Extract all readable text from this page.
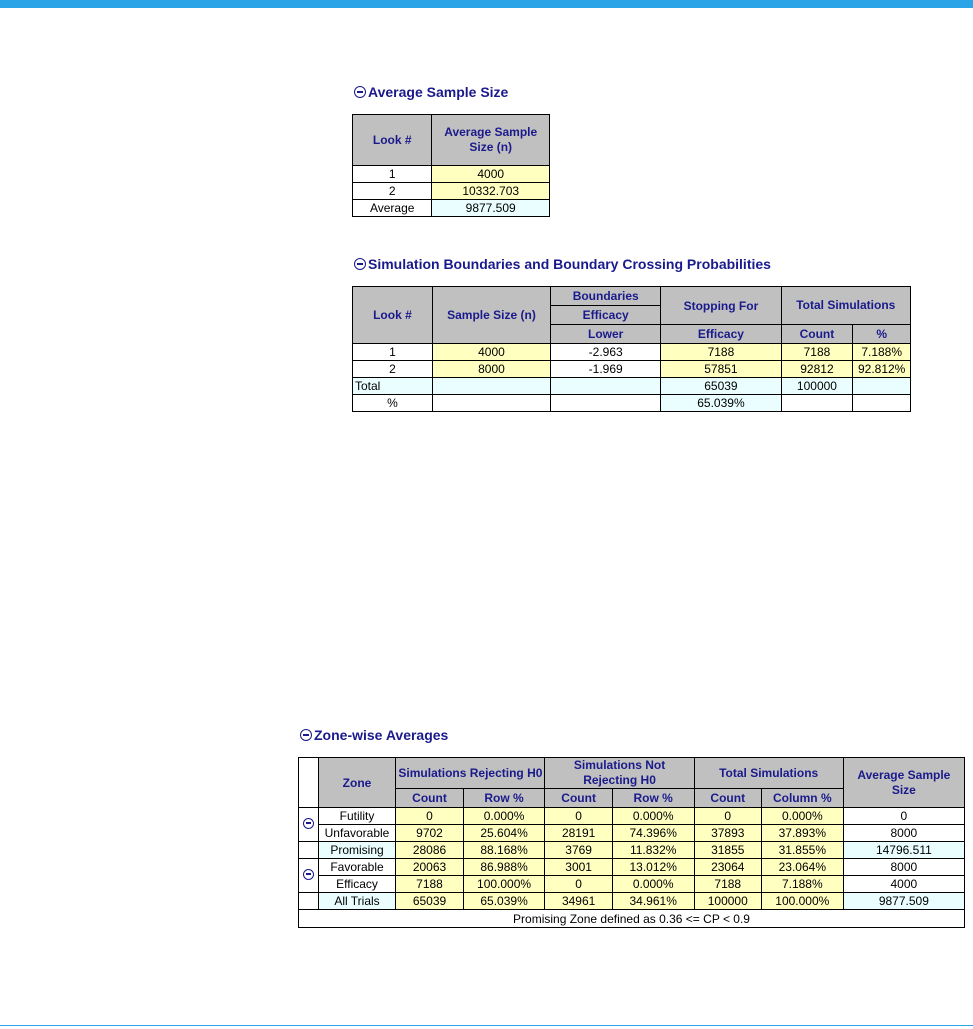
Average Sample Size
Look #	Average Sample Size (n)
1	4000
2	10332.703
Average	9877.509
Simulation Boundaries and Boundary Crossing Probabilities
Look #	Sample Size (n)	Boundaries	Stopping For	Total Simulations	
		Efficacy			
		Lower	Efficacy	Count	%
1	4000	-2.963	7188	7188	7.188%
2	8000	-1.969	57851	92812	92.812%
Total			65039	100000	
%			65.039%		
Zone-wise Averages
	Zone	Simulations Rejecting H0		Simulations Not Rejecting H0		Total Simulations		Average Sample Size
		Count	Row %	Count	Row %	Count	Column %	
	Futility	0	0.000%	0	0.000%	0	0.000%	0
	Unfavorable	9702	25.604%	28191	74.396%	37893	37.893%	8000
	Promising	28086	88.168%	3769	11.832%	31855	31.855%	14796.511
	Favorable	20063	86.988%	3001	13.012%	23064	23.064%	8000
	Efficacy	7188	100.000%	0	0.000%	7188	7.188%	4000
	All Trials	65039	65.039%	34961	34.961%	100000	100.000%	9877.509
Promising Zone defined as 0.36 <= CP < 0.9								
